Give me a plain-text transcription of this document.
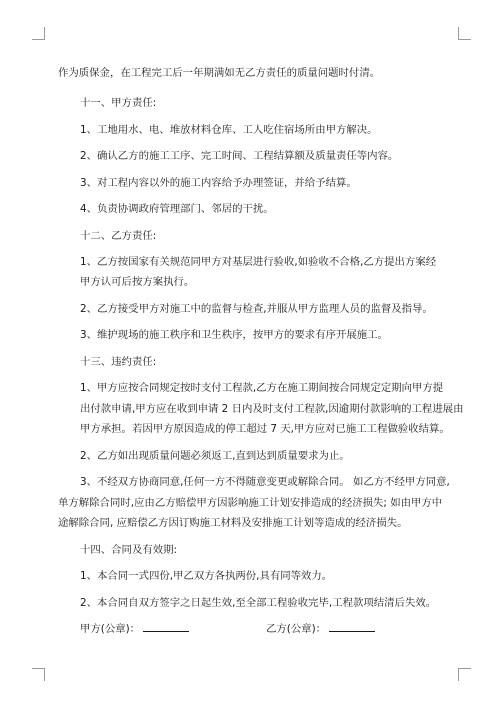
作为质保金，在工程完工后一年期满如无乙方责任的质量问题时付清。
十一、甲方责任:
1、工地用水、电、堆放材料仓库、工人吃住宿场所由甲方解决。
2、确认乙方的施工工序、完工时间、工程结算额及质量责任等内容。
3、对工程内容以外的施工内容给予办理签证，并给予结算。
4、负责协调政府管理部门、邻居的干扰。
十二、乙方责任:
1、乙方按国家有关规范同甲方对基层进行验收,如验收不合格,乙方提出方案经
甲方认可后按方案执行。
2、乙方接受甲方对施工中的监督与检查,并服从甲方监理人员的监督及指导。
3、维护现场的施工秩序和卫生秩序，按甲方的要求有序开展施工。
十三、违约责任:
1、甲方应按合同规定按时支付工程款,乙方在施工期间按合同规定定期向甲方提
出付款申请,甲方应在收到申请 2 日内及时支付工程款,因逾期付款影响的工程进展由
甲方承担。若因甲方原因造成的停工超过 7 天,甲方应对已施工工程做验收结算。
2、乙方如出现质量问题必须返工,直到达到质量要求为止。
3、不经双方协商同意,任何一方不得随意变更或解除合同。 如乙方不经甲方同意,
单方解除合同时,应由乙方赔偿甲方因影响施工计划安排造成的经济损失; 如由甲方中
途解除合同, 应赔偿乙方因订购施工材料及安排施工计划等造成的经济损失。
十四、合同及有效期:
1、本合同一式四份,甲乙双方各执两份,具有同等效力。
2、本合同自双方签字之日起生效,至全部工程验收完毕,工程款项结清后失效。
甲方(公章)：	乙方(公章)：
